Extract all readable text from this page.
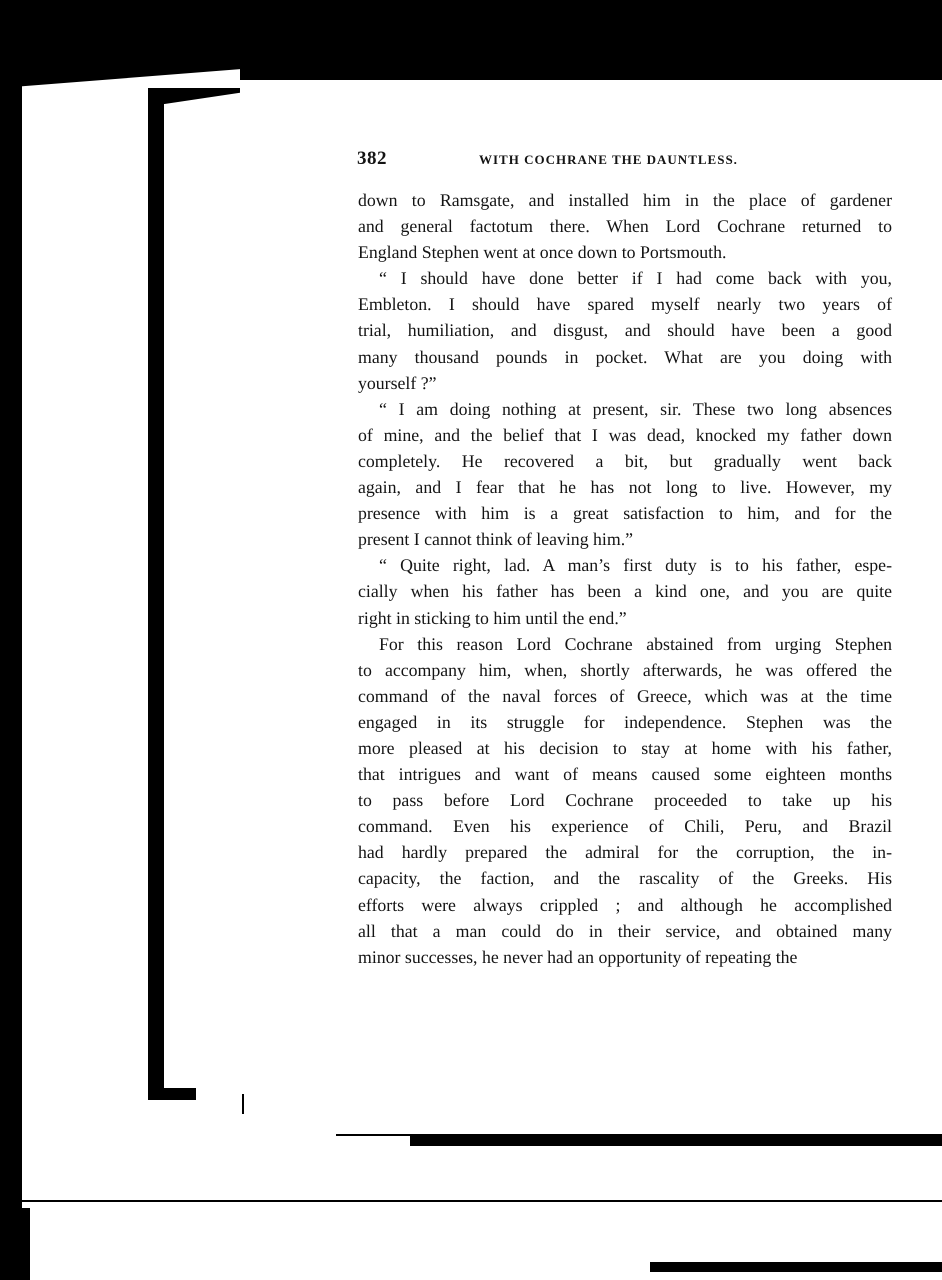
382	WITH COCHRANE THE DAUNTLESS.

down to Ramsgate, and installed him in the place of gardener
and general factotum there. When Lord Cochrane returned to
England Stephen went at once down to Portsmouth.

“ I should have done better if I had come back with you,
Embleton. I should have spared myself nearly two years of
trial, humiliation, and disgust, and should have been a good
many thousand pounds in pocket. What are you doing with
yourself ?”

“ I am doing nothing at present, sir. These two long absences
of mine, and the belief that I was dead, knocked my father down
completely. He recovered a bit, but gradually went back
again, and I fear that he has not long to live. However, my
presence with him is a great satisfaction to him, and for the
present I cannot think of leaving him.”

“ Quite right, lad. A man’s first duty is to his father, espe-
cially when his father has been a kind one, and you are quite
right in sticking to him until the end.”

For this reason Lord Cochrane abstained from urging Stephen
to accompany him, when, shortly afterwards, he was offered the
command of the naval forces of Greece, which was at the time
engaged in its struggle for independence. Stephen was the
more pleased at his decision to stay at home with his father,
that intrigues and want of means caused some eighteen months
to pass before Lord Cochrane proceeded to take up his
command. Even his experience of Chili, Peru, and Brazil
had hardly prepared the admiral for the corruption, the in-
capacity, the faction, and the rascality of the Greeks. His
efforts were always crippled ; and although he accomplished
all that a man could do in their service, and obtained many
minor successes, he never had an opportunity of repeating the
